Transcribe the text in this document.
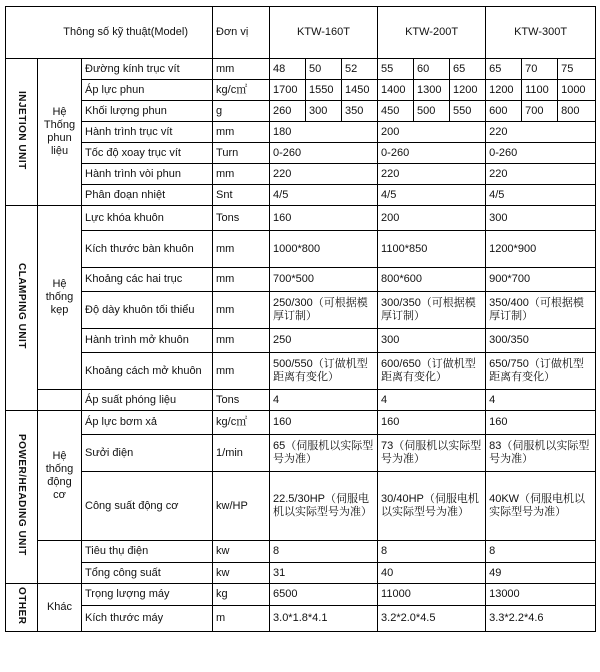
Thông số kỹ thuật(Model)			Đơn vị	KTW-160T			KTW-200T			KTW-300T		
INJETION UNIT	Hệ
Thống
phun
liệu	Đường kính trục vít	mm	48	50	52	55	60	65	65	70	75
		Áp lực phun	kg/c㎡	1700	1550	1450	1400	1300	1200	1200	1100	1000
		Khối lượng phun	g	260	300	350	450	500	550	600	700	800
		Hành trình trục vít	mm	180			200			220		
		Tốc độ xoay trục vít	Turn	0-260			0-260			0-260		
		Hành trình vòi phun	mm	220			220			220		
		Phân đoạn nhiệt	Snt	4/5			4/5			4/5		
CLAMPING UNIT	Hệ
thống
kẹp	Lực khóa khuôn	Tons	160			200			300		
		Kích thước bàn khuôn	mm	1000*800			1100*850			1200*900		
		Khoảng các hai trục	mm	700*500			800*600			900*700		
		Độ dày khuôn tối thiểu	mm	250/300（可根据模厚订制）			300/350（可根据模厚订制）			350/400（可根据模厚订制）		
		Hành trình mở khuôn	mm	250			300			300/350		
		Khoảng cách mở khuôn	mm	500/550（订做机型距离有变化）			600/650（订做机型距离有变化）			650/750（订做机型距离有变化）		
		Áp suất phóng liệu	Tons	4			4			4		
POWER/HEADING UNIT	Hệ
thống
động
cơ	Áp lực bơm xả	kg/c㎡	160			160			160		
		Sưởi điện	1/min	65（伺服机以实际型号为准）			73（伺服机以实际型号为准）			83（伺服机以实际型号为准）		
		Công suất động cơ	kw/HP	22.5/30HP（伺服电机以实际型号为准）			30/40HP（伺服电机以实际型号为准）			40KW（伺服电机以实际型号为准）		
		Tiêu thụ điện	kw	8			8			8		
		Tổng công suất	kw	31			40			49		
OTHER	Khác	Trọng lượng máy	kg	6500			11000			13000		
		Kích thước máy	m	3.0*1.8*4.1			3.2*2.0*4.5			3.3*2.2*4.6		
